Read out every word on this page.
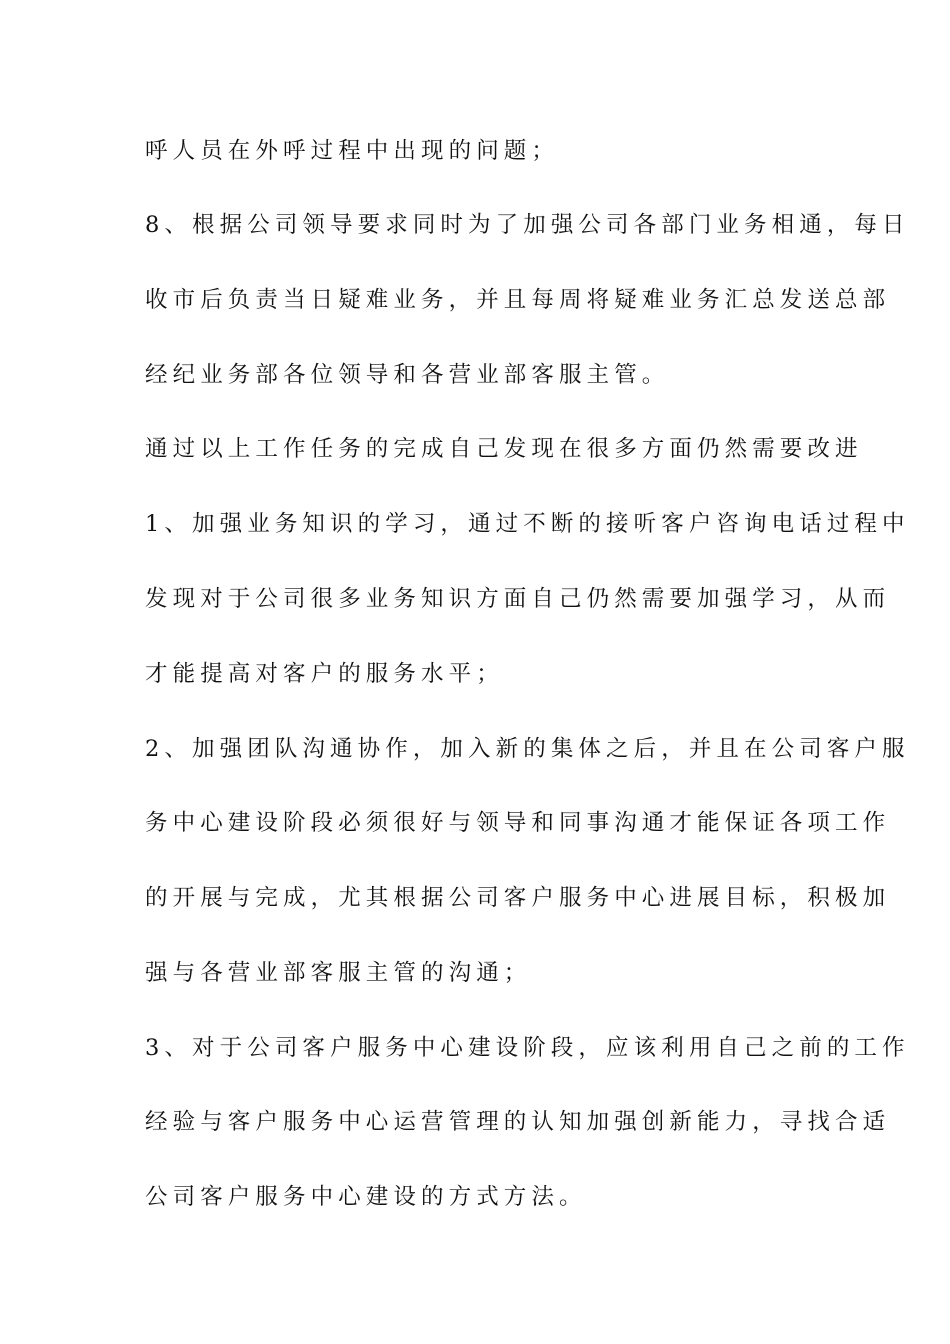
呼人员在外呼过程中出现的问题；
8、根据公司领导要求同时为了加强公司各部门业务相通，每日
收市后负责当日疑难业务，并且每周将疑难业务汇总发送总部
经纪业务部各位领导和各营业部客服主管。
通过以上工作任务的完成自己发现在很多方面仍然需要改进
1、加强业务知识的学习，通过不断的接听客户咨询电话过程中
发现对于公司很多业务知识方面自己仍然需要加强学习，从而
才能提高对客户的服务水平；
2、加强团队沟通协作，加入新的集体之后，并且在公司客户服
务中心建设阶段必须很好与领导和同事沟通才能保证各项工作
的开展与完成，尤其根据公司客户服务中心进展目标，积极加
强与各营业部客服主管的沟通；
3、对于公司客户服务中心建设阶段，应该利用自己之前的工作
经验与客户服务中心运营管理的认知加强创新能力，寻找合适
公司客户服务中心建设的方式方法。
